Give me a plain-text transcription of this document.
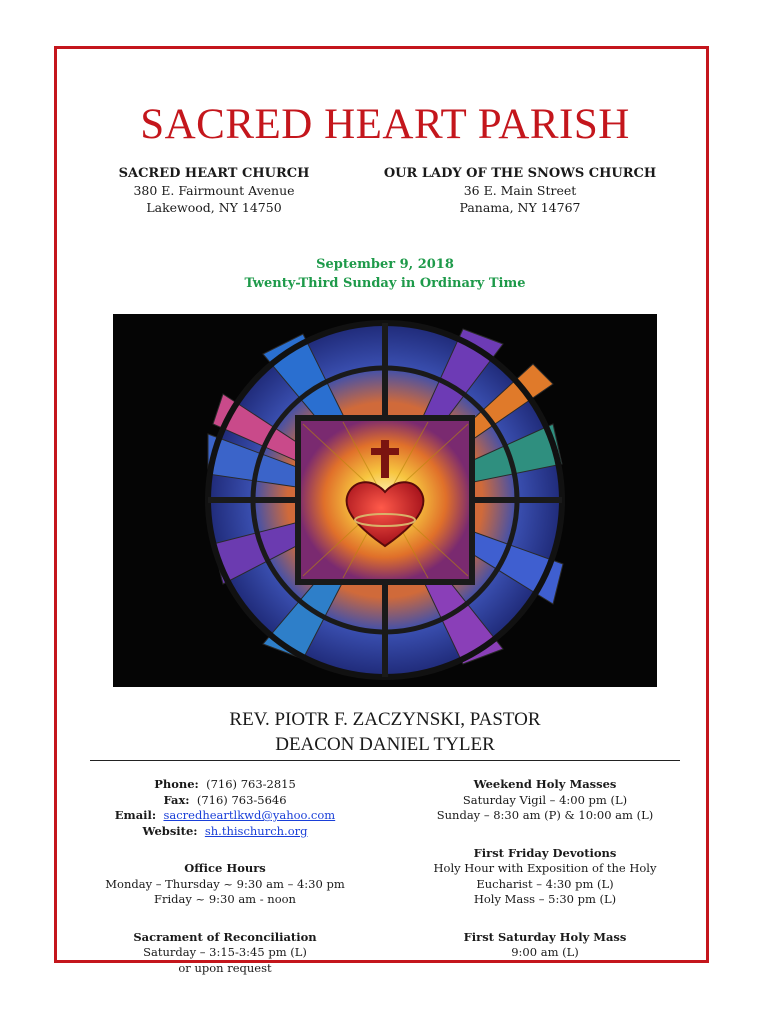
SACRED HEART PARISH
SACRED HEART CHURCH
380 E. Fairmount Avenue
Lakewood, NY 14750
OUR LADY OF THE SNOWS CHURCH
36 E. Main Street
Panama, NY 14767
September 9, 2018
Twenty-Third Sunday in Ordinary Time
REV. PIOTR F. ZACZYNSKI, PASTOR
DEACON DANIEL TYLER
Phone: (716) 763-2815
Fax: (716) 763-5646
Email: sacredheartlkwd@yahoo.com
Website: sh.thischurch.org
Office Hours
Monday – Thursday ~ 9:30 am – 4:30 pm
Friday ~ 9:30 am - noon
Sacrament of Reconciliation
Saturday – 3:15-3:45 pm (L)
or upon request
Weekend Holy Masses
Saturday Vigil – 4:00 pm (L)
Sunday – 8:30 am (P) & 10:00 am (L)
First Friday Devotions
Holy Hour with Exposition of the Holy
Eucharist – 4:30 pm (L)
Holy Mass – 5:30 pm (L)
First Saturday Holy Mass
9:00 am (L)
